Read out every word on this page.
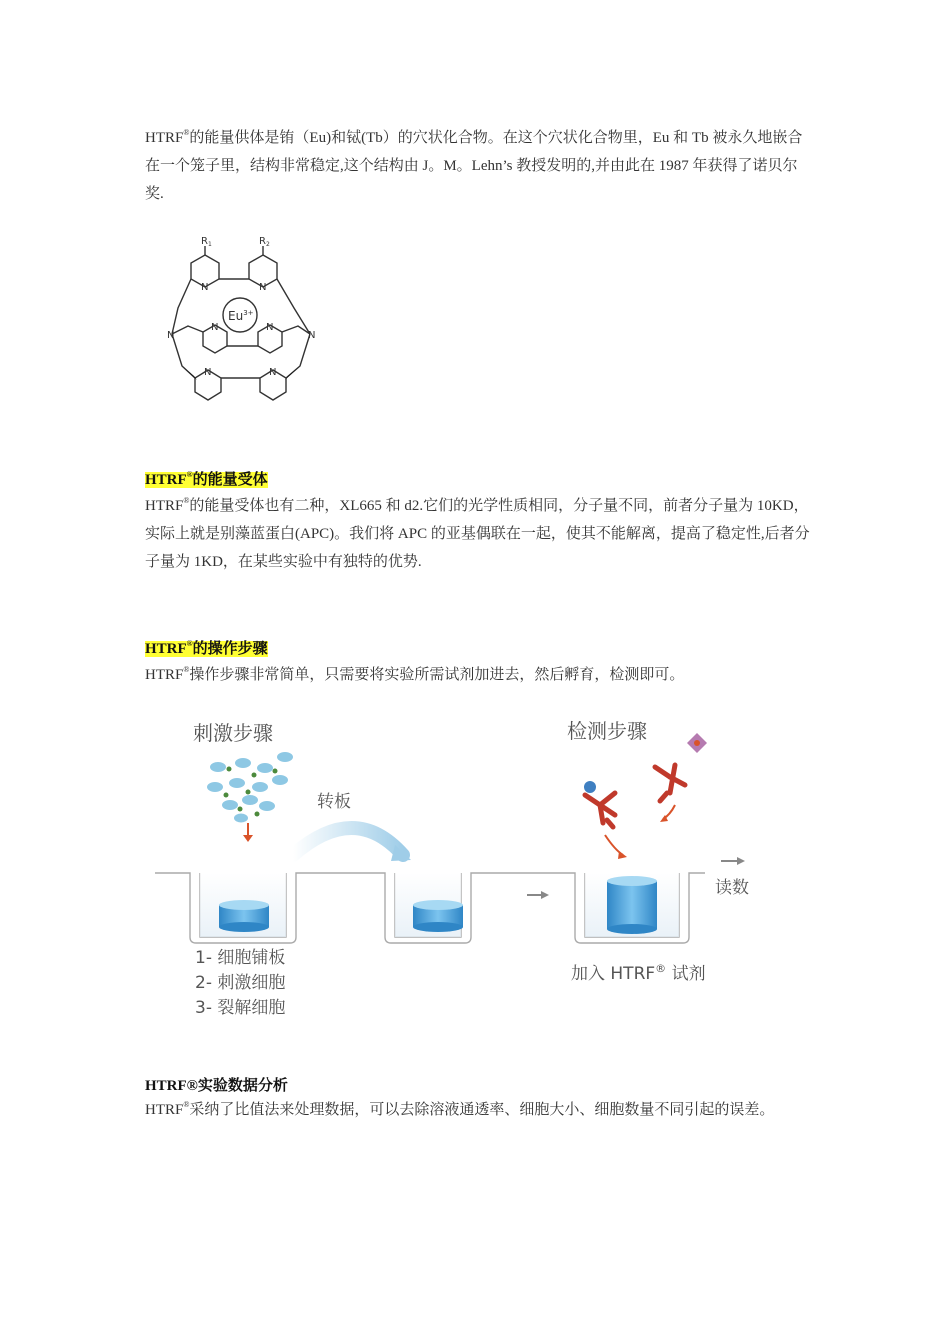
HTRF®的能量供体是铕（Eu)和铽(Tb）的穴状化合物。在这个穴状化合物里，Eu 和 Tb 被永久地嵌合在一个笼子里，结构非常稳定,这个结构由 J。M。Lehn’s 教授发明的,并由此在 1987 年获得了诺贝尔奖.

$R_1$	$R_2$
N	N
N	N
N	N
N	N
$Eu^{3+}$

HTRF®的能量受体

HTRF®的能量受体也有二种，XL665 和 d2.它们的光学性质相同，分子量不同，前者分子量为 10KD，实际上就是别藻蓝蛋白(APC)。我们将 APC 的亚基偶联在一起，使其不能解离，提高了稳定性,后者分子量为 1KD，在某些实验中有独特的优势.

HTRF®的操作步骤

HTRF®操作步骤非常简单，只需要将实验所需试剂加进去，然后孵育，检测即可。

刺激步骤	检测步骤
转板
读数
1- 细胞铺板
2- 刺激细胞
3- 裂解细胞
加入 HTRF® 试剂

HTRF®实验数据分析

HTRF®采纳了比值法来处理数据，可以去除溶液通透率、细胞大小、细胞数量不同引起的误差。
